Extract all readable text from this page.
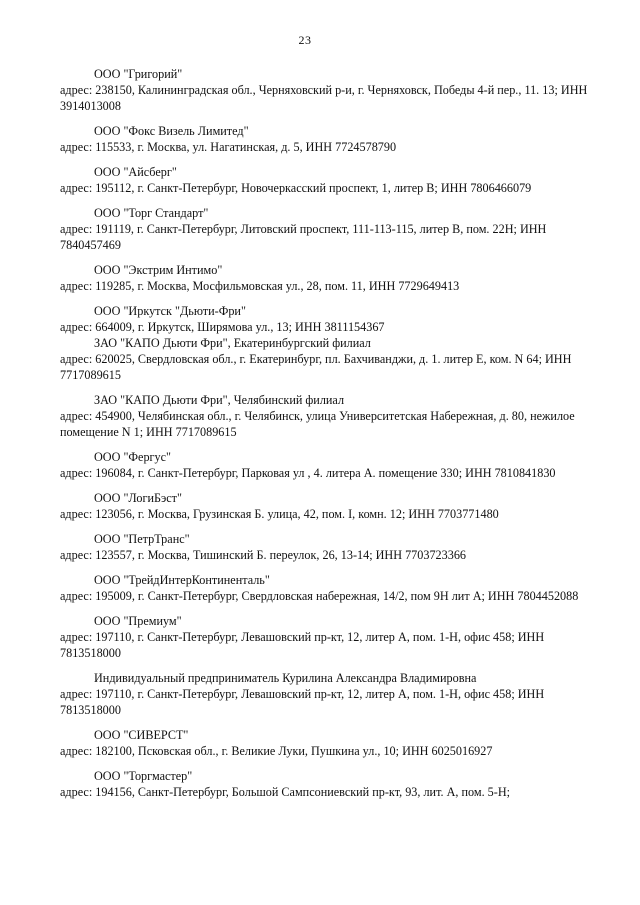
23
ООО "Григорий"
адрес: 238150, Калининградская обл., Черняховский р-и, г. Черняховск, Победы 4-й пер., 11. 13; ИНН 3914013008
ООО "Фокс Визель Лимитед"
адрес: 115533, г. Москва, ул. Нагатинская, д. 5, ИНН 7724578790
ООО "Айсберг"
адрес: 195112, г. Санкт-Петербург, Новочеркасский проспект, 1, литер В; ИНН 7806466079
ООО "Торг Стандарт"
адрес: 191119, г. Санкт-Петербург, Литовский проспект, 111-113-115, литер В, пом. 22Н; ИНН 7840457469
ООО "Экстрим Интимо"
адрес: 119285, г. Москва, Мосфильмовская ул., 28, пом. 11, ИНН 7729649413
ООО "Иркутск "Дьюти-Фри"
адрес: 664009, г. Иркутск, Ширямова ул., 13; ИНН 3811154367
ЗАО "КАПО Дьюти Фри", Екатеринбургский филиал
адрес: 620025, Свердловская обл., г. Екатеринбург, пл. Бахчиванджи, д. 1. литер Е, ком. N 64; ИНН 7717089615
ЗАО "КАПО Дьюти Фри", Челябинский филиал
адрес: 454900, Челябинская обл., г. Челябинск, улица Университетская Набережная, д. 80, нежилое помещение N 1; ИНН 7717089615
ООО "Фергус"
адрес: 196084, г. Санкт-Петербург, Парковая ул , 4. литера А. помещение 330; ИНН 7810841830
ООО "ЛогиБэст"
адрес: 123056, г. Москва, Грузинская Б. улица, 42, пом. I, комн. 12; ИНН 7703771480
ООО "ПетрТранс"
адрес: 123557, г. Москва, Тишинский Б. переулок, 26, 13-14; ИНН 7703723366
ООО "ТрейдИнтерКонтиненталь"
адрес: 195009, г. Санкт-Петербург, Свердловская набережная, 14/2, пом 9Н лит А; ИНН 7804452088
ООО "Премиум"
адрес: 197110, г. Санкт-Петербург, Левашовский пр-кт, 12, литер А, пом. 1-Н, офис 458; ИНН 7813518000
Индивидуальный предприниматель Курилина Александра Владимировна
адрес: 197110, г. Санкт-Петербург, Левашовский пр-кт, 12, литер А, пом. 1-Н, офис 458; ИНН 7813518000
ООО "СИВЕРСТ"
адрес: 182100, Псковская обл., г. Великие Луки, Пушкина ул., 10; ИНН 6025016927
ООО "Торгмастер"
адрес: 194156, Санкт-Петербург, Большой Сампсониевский пр-кт, 93, лит. А, пом. 5-Н;
